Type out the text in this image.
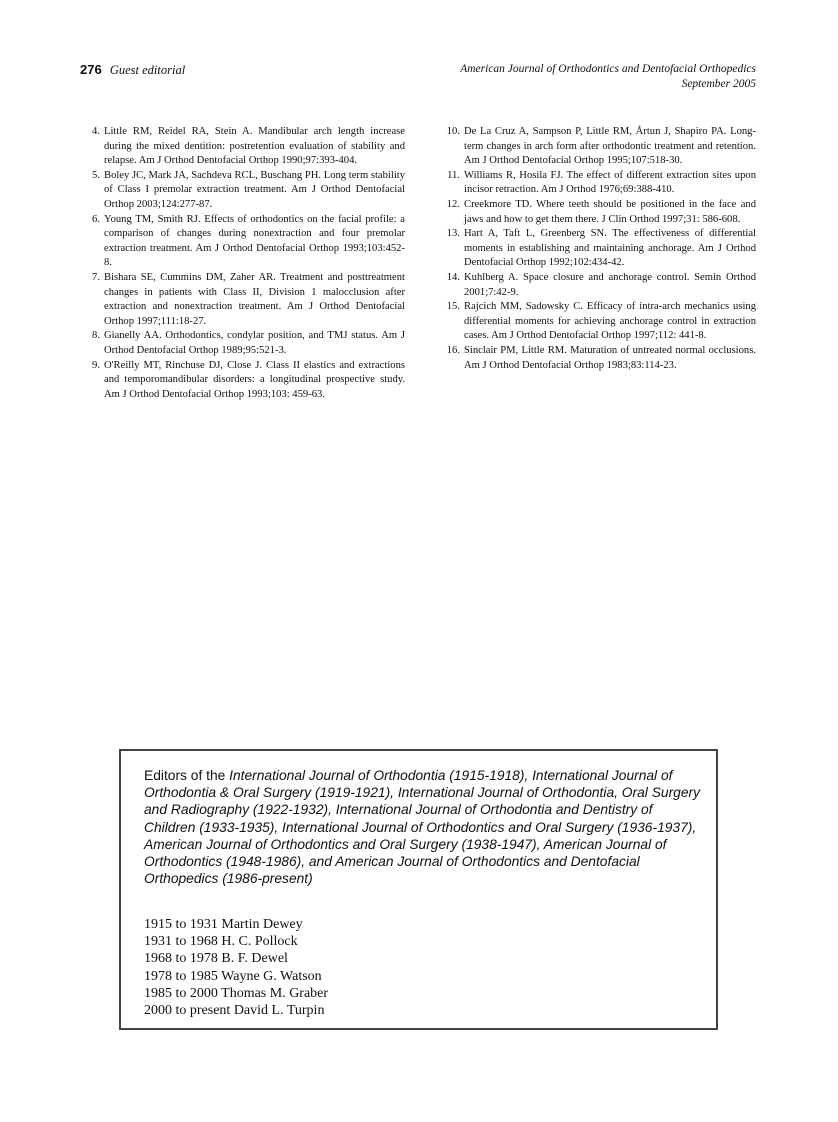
276 Guest editorial	American Journal of Orthodontics and Dentofacial Orthopedics
September 2005
4. Little RM, Reidel RA, Stein A. Mandibular arch length increase during the mixed dentition: postretention evaluation of stability and relapse. Am J Orthod Dentofacial Orthop 1990;97:393-404.
5. Boley JC, Mark JA, Sachdeva RCL, Buschang PH. Long term stability of Class I premolar extraction treatment. Am J Orthod Dentofacial Orthop 2003;124:277-87.
6. Young TM, Smith RJ. Effects of orthodontics on the facial profile: a comparison of changes during nonextraction and four premolar extraction treatment. Am J Orthod Dentofacial Orthop 1993;103:452-8.
7. Bishara SE, Cummins DM, Zaher AR. Treatment and posttreatment changes in patients with Class II, Division 1 malocclusion after extraction and nonextraction treatment. Am J Orthod Dentofacial Orthop 1997;111:18-27.
8. Gianelly AA. Orthodontics, condylar position, and TMJ status. Am J Orthod Dentofacial Orthop 1989;95:521-3.
9. O'Reilly MT, Rinchuse DJ, Close J. Class II elastics and extractions and temporomandibular disorders: a longitudinal prospective study. Am J Orthod Dentofacial Orthop 1993;103: 459-63.
10. De La Cruz A, Sampson P, Little RM, Årtun J, Shapiro PA. Long-term changes in arch form after orthodontic treatment and retention. Am J Orthod Dentofacial Orthop 1995;107:518-30.
11. Williams R, Hosila FJ. The effect of different extraction sites upon incisor retraction. Am J Orthod 1976;69:388-410.
12. Creekmore TD. Where teeth should be positioned in the face and jaws and how to get them there. J Clin Orthod 1997;31: 586-608.
13. Hart A, Taft L, Greenberg SN. The effectiveness of differential moments in establishing and maintaining anchorage. Am J Orthod Dentofacial Orthop 1992;102:434-42.
14. Kuhlberg A. Space closure and anchorage control. Semin Orthod 2001;7:42-9.
15. Rajcich MM, Sadowsky C. Efficacy of intra-arch mechanics using differential moments for achieving anchorage control in extraction cases. Am J Orthod Dentofacial Orthop 1997;112: 441-8.
16. Sinclair PM, Little RM. Maturation of untreated normal occlusions. Am J Orthod Dentofacial Orthop 1983;83:114-23.
Editors of the International Journal of Orthodontia (1915-1918), International Journal of Orthodontia & Oral Surgery (1919-1921), International Journal of Orthodontia, Oral Surgery and Radiography (1922-1932), International Journal of Orthodontia and Dentistry of Children (1933-1935), International Journal of Orthodontics and Oral Surgery (1936-1937), American Journal of Orthodontics and Oral Surgery (1938-1947), American Journal of Orthodontics (1948-1986), and American Journal of Orthodontics and Dentofacial Orthopedics (1986-present)
1915 to 1931 Martin Dewey
1931 to 1968 H. C. Pollock
1968 to 1978 B. F. Dewel
1978 to 1985 Wayne G. Watson
1985 to 2000 Thomas M. Graber
2000 to present David L. Turpin
